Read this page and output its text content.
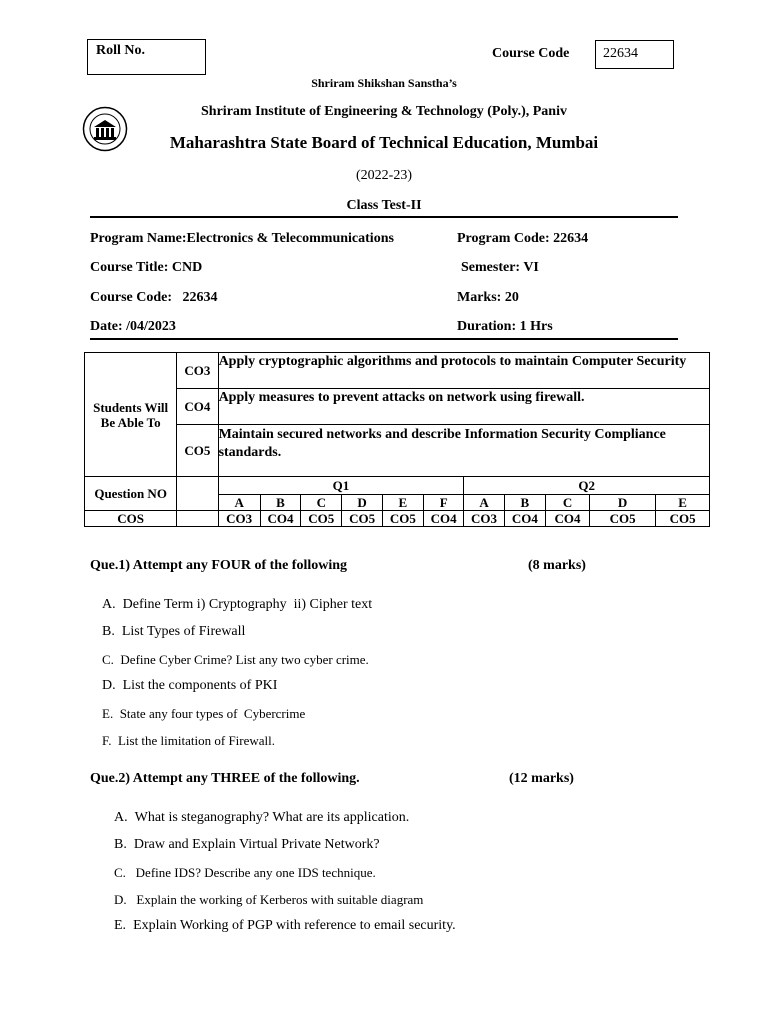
Roll No.	Course Code 22634
Shriram Shikshan Sanstha’s
Shriram Institute of Engineering & Technology (Poly.), Paniv
Maharashtra State Board of Technical Education, Mumbai
(2022-23)
Class Test-II
Program Name:Electronics & Telecommunications	Program Code: 22634
Course Title: CND	Semester: VI
Course Code:   22634	Marks: 20
Date: /04/2023	Duration: 1 Hrs
Students Will Be Able To	CO3	Apply cryptographic algorithms and protocols to maintain Computer Security										
	CO4	Apply measures to prevent attacks on network using firewall.										
	CO5	Maintain secured networks and describe Information Security Compliance standards.										
Question NO		Q1						Q2				
		A	B	C	D	E	F	A	B	C	D	E
COS		CO3	CO4	CO5	CO5	CO5	CO4	CO3	CO4	CO4	CO5	CO5
Que.1) Attempt any FOUR of the following	(8 marks)
A. Define Term i) Cryptography  ii) Cipher text
B. List Types of Firewall
C. Define Cyber Crime? List any two cyber crime.
D. List the components of PKI
E. State any four types of  Cybercrime
F. List the limitation of Firewall.
Que.2) Attempt any THREE of the following.	(12 marks)
A. What is steganography? What are its application.
B. Draw and Explain Virtual Private Network?
C.   Define IDS? Describe any one IDS technique.
D.   Explain the working of Kerberos with suitable diagram
E. Explain Working of PGP with reference to email security.
